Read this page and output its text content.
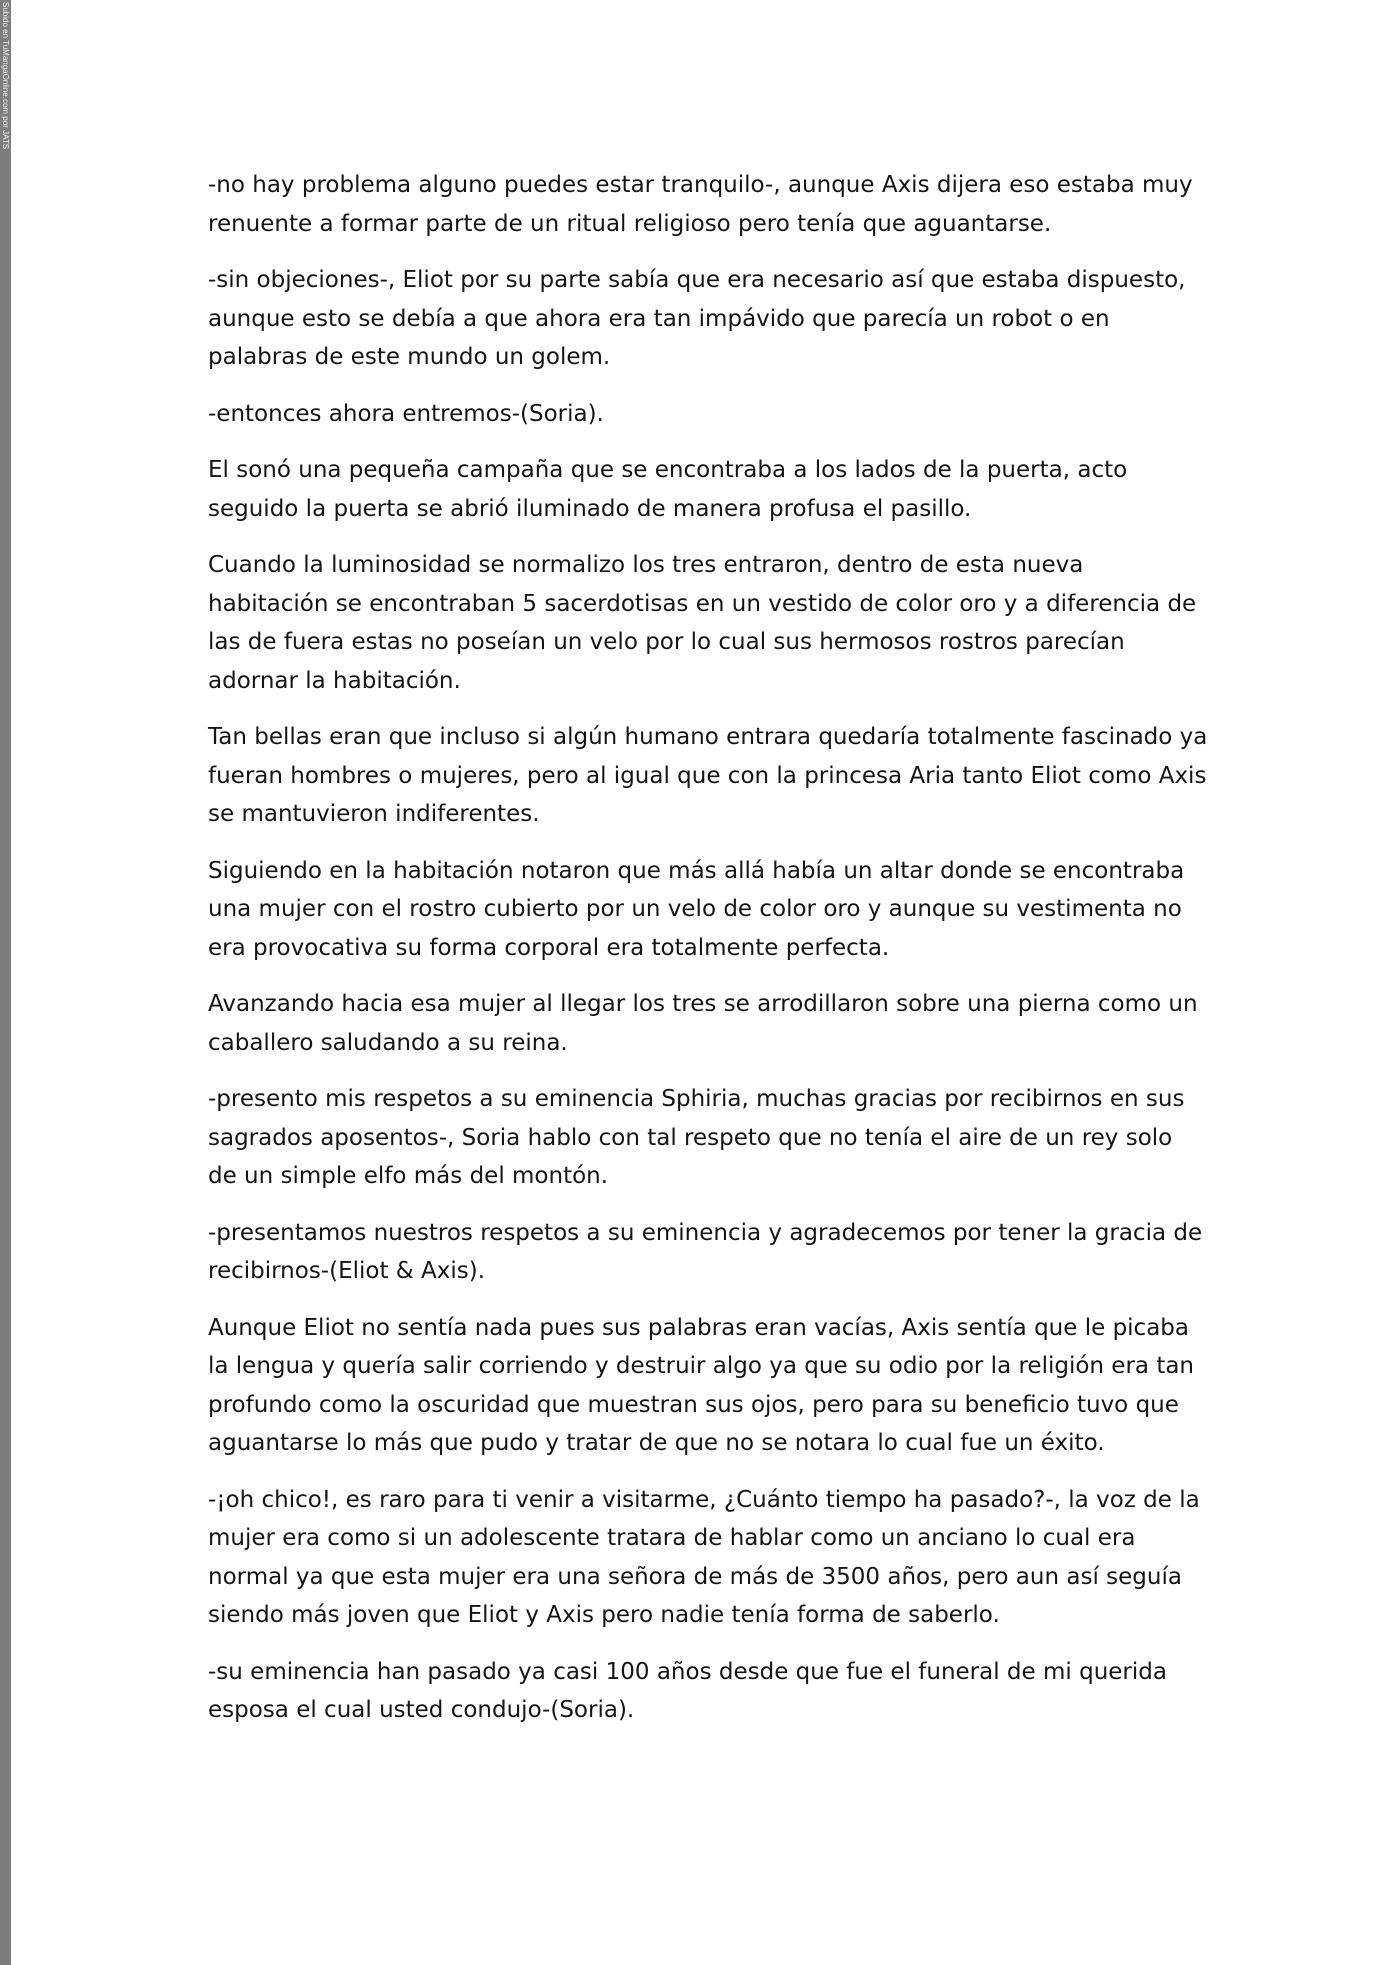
Subido en TuMangaOnline.com por JATS

-no hay problema alguno puedes estar tranquilo-, aunque Axis dijera eso estaba muy renuente a formar parte de un ritual religioso pero tenía que aguantarse.

-sin objeciones-, Eliot por su parte sabía que era necesario así que estaba dispuesto, aunque esto se debía a que ahora era tan impávido que parecía un robot o en palabras de este mundo un golem.

-entonces ahora entremos-(Soria).

El sonó una pequeña campaña que se encontraba a los lados de la puerta, acto seguido la puerta se abrió iluminado de manera profusa el pasillo.

Cuando la luminosidad se normalizo los tres entraron, dentro de esta nueva habitación se encontraban 5 sacerdotisas en un vestido de color oro y a diferencia de las de fuera estas no poseían un velo por lo cual sus hermosos rostros parecían adornar la habitación.

Tan bellas eran que incluso si algún humano entrara quedaría totalmente fascinado ya fueran hombres o mujeres, pero al igual que con la princesa Aria tanto Eliot como Axis se mantuvieron indiferentes.

Siguiendo en la habitación notaron que más allá había un altar donde se encontraba una mujer con el rostro cubierto por un velo de color oro y aunque su vestimenta no era provocativa su forma corporal era totalmente perfecta.

Avanzando hacia esa mujer al llegar los tres se arrodillaron sobre una pierna como un caballero saludando a su reina.

-presento mis respetos a su eminencia Sphiria, muchas gracias por recibirnos en sus sagrados aposentos-, Soria hablo con tal respeto que no tenía el aire de un rey solo de un simple elfo más del montón.

-presentamos nuestros respetos a su eminencia y agradecemos por tener la gracia de recibirnos-(Eliot & Axis).

Aunque Eliot no sentía nada pues sus palabras eran vacías, Axis sentía que le picaba la lengua y quería salir corriendo y destruir algo ya que su odio por la religión era tan profundo como la oscuridad que muestran sus ojos, pero para su beneficio tuvo que aguantarse lo más que pudo y tratar de que no se notara lo cual fue un éxito.

-¡oh chico!, es raro para ti venir a visitarme, ¿Cuánto tiempo ha pasado?-, la voz de la mujer era como si un adolescente tratara de hablar como un anciano lo cual era normal ya que esta mujer era una señora de más de 3500 años, pero aun así seguía siendo más joven que Eliot y Axis pero nadie tenía forma de saberlo.

-su eminencia han pasado ya casi 100 años desde que fue el funeral de mi querida esposa el cual usted condujo-(Soria).
